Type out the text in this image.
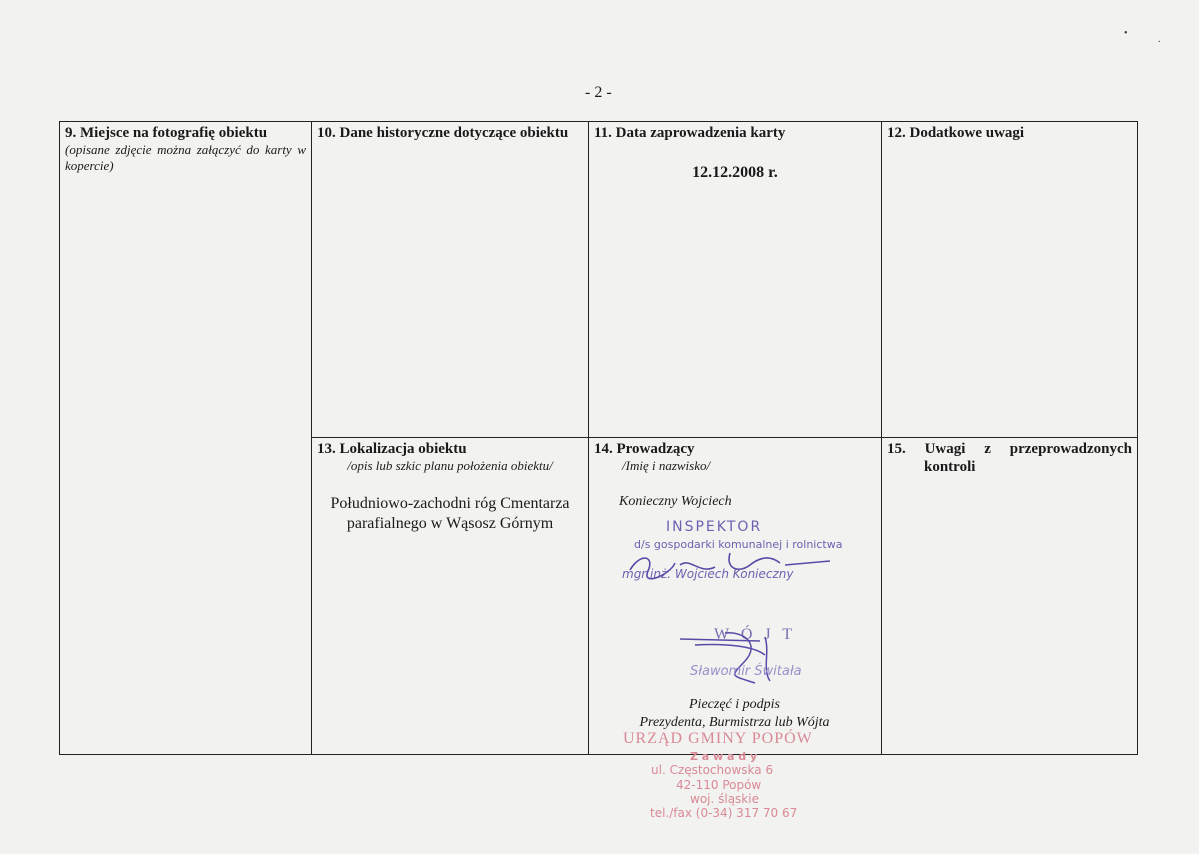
- 2 -
9. Miejsce na fotografię obiektu
(opisane zdjęcie można załączyć do karty w kopercie)
10. Dane historyczne dotyczące obiektu	11. Data zaprowadzenia karty
12.12.2008 r.
12. Dodatkowe uwagi
13. Lokalizacja obiektu
/opis lub szkic planu położenia obiektu/
Południowo-zachodni róg Cmentarza parafialnego w Wąsosz Górnym
14. Prowadzący
/Imię i nazwisko/
Konieczny Wojciech
15. Uwagi z przeprowadzonych
kontroli
INSPEKTOR
d/s gospodarki komunalnej i rolnictwa
mgr inż. Wojciech Konieczny
W Ó J T
Sławomir Świtała
Pieczęć i podpis
Prezydenta, Burmistrza lub Wójta
URZĄD GMINY POPÓW
Z a w a d y
ul. Częstochowska 6
42-110 Popów
woj. śląskie
tel./fax (0-34) 317 70 67
•
.
